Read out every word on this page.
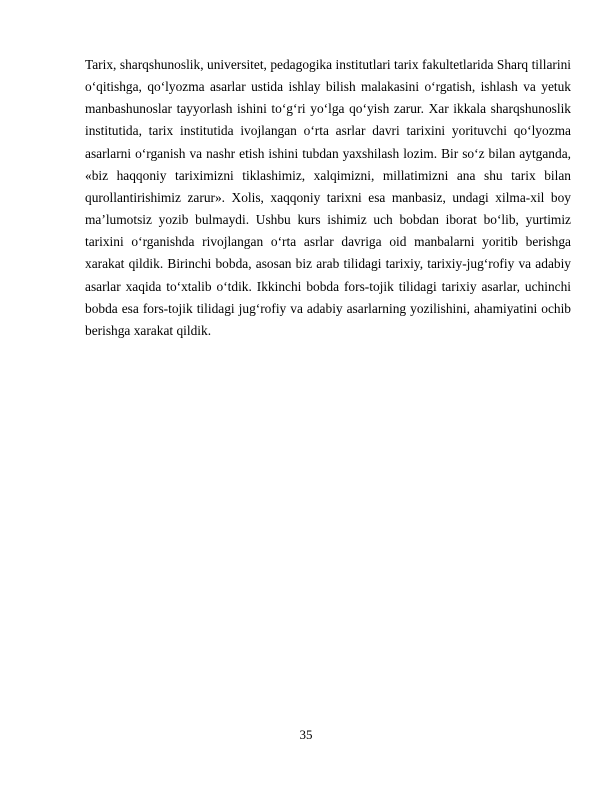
Tarix, sharqshunoslik, universitet, pedagogika institutlari tarix fakultetlarida Sharq tillarini o‘qitishga, qo‘lyozma asarlar ustida ishlay bilish malakasini o‘rgatish, ishlash va yetuk manbashunoslar tayyorlash ishini to‘g‘ri yo‘lga qo‘yish zarur. Xar ikkala sharqshunoslik institutida, tarix institutida ivojlangan o‘rta asrlar davri tarixini yorituvchi qo‘lyozma asarlarni o‘rganish va nashr etish ishini tubdan yaxshilash lozim. Bir so‘z bilan aytganda, «biz haqqoniy tariximizni tiklashimiz, xalqimizni, millatimizni ana shu tarix bilan qurollantirishimiz zarur». Xolis, xaqqoniy tarixni esa manbasiz, undagi xilma-xil boy ma’lumotsiz yozib bulmaydi. Ushbu kurs ishimiz uch bobdan iborat bo‘lib, yurtimiz tarixini o‘rganishda rivojlangan o‘rta asrlar davriga oid manbalarni yoritib berishga xarakat qildik. Birinchi bobda, asosan biz arab tilidagi tarixiy, tarixiy-jug‘rofiy va adabiy asarlar xaqida to‘xtalib o‘tdik. Ikkinchi bobda fors-tojik tilidagi tarixiy asarlar, uchinchi bobda esa fors-tojik tilidagi jug‘rofiy va adabiy asarlarning yozilishini, ahamiyatini ochib berishga xarakat qildik.

35
